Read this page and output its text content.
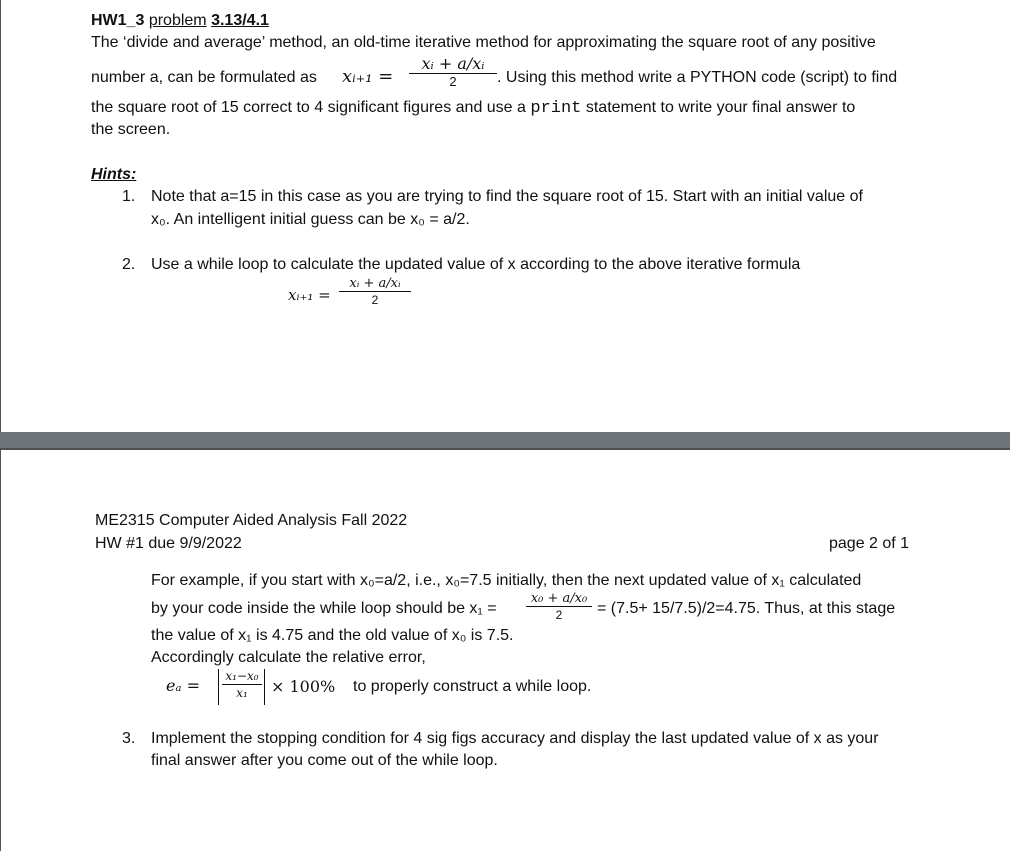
HW1_3 problem 3.13/4.1
The ‘divide and average’ method, an old-time iterative method for approximating the square root of any positive
number a, can be formulated as xᵢ₊₁ =
xᵢ + a/xᵢ
2	. Using this method write a PYTHON code (script) to find
the square root of 15 correct to 4 significant figures and use a print statement to write your final answer to
the screen.
Hints:
1. Note that a=15 in this case as you are trying to find the square root of 15. Start with an initial value of
x₀. An intelligent initial guess can be x₀ = a/2.
2. Use a while loop to calculate the updated value of x according to the above iterative formula
xᵢ₊₁ =
xᵢ + a/xᵢ
2
ME2315 Computer Aided Analysis Fall 2022
HW #1 due 9/9/2022	page 2 of 1
For example, if you start with x₀=a/2, i.e., x₀=7.5 initially, then the next updated value of x₁ calculated
by your code inside the while loop should be x₁ =
x₀ + a/x₀
2	= (7.5+ 15/7.5)/2=4.75. Thus, at this stage
the value of x₁ is 4.75 and the old value of x₀ is 7.5.
Accordingly calculate the relative error,
eₐ = x₁−x₀
x₁	× 100% to properly construct a while loop.
3. Implement the stopping condition for 4 sig figs accuracy and display the last updated value of x as your
final answer after you come out of the while loop.
